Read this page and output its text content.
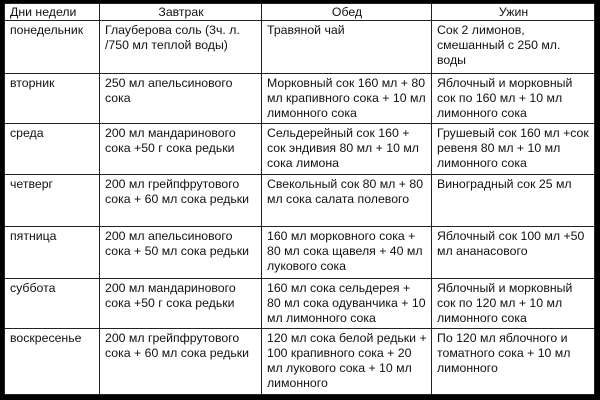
Дни недели	Завтрак	Обед	Ужин
понедельник	Глауберова соль (3ч. л. /750 мл теплой воды)	Травяной чай	Сок 2 лимонов, смешанный с 250 мл. воды
вторник	250 мл апельсинового сока	Морковный сок 160 мл + 80 мл крапивного сока + 10 мл лимонного сока	Яблочный и морковный сок по 160 мл + 10 мл лимонного сока
среда	200 мл мандаринового сока +50 г сока редьки	Сельдерейный сок 160 + сок эндивия 80 мл + 10 мл сока лимона	Грушевый сок 160 мл +сок ревеня 80 мл + 10 мл лимонного сока
четверг	200 мл грейпфрутового сока + 60 мл сока редьки	Свекольный сок 80 мл + 80 мл сока салата полевого	Виноградный сок 25 мл
пятница	200 мл апельсинового сока + 50 мл сока редьки	160 мл морковного сока + 80 мл сока щавеля + 40 мл лукового сока	Яблочный сок 100 мл +50 мл ананасового
суббота	200 мл мандаринового сока +50 г сока редьки	160 мл сока сельдерея + 80 мл сока одуванчика + 10 мл лимонного сока	Яблочный и морковный сок по 120 мл + 10 мл лимонного сока
воскресенье	200 мл грейпфрутового сока + 60 мл сока редьки	120 мл сока белой редьки + 100 крапивного сока + 20 мл лукового сока + 10 мл лимонного	По 120 мл яблочного и томатного сока + 10 мл лимонного
